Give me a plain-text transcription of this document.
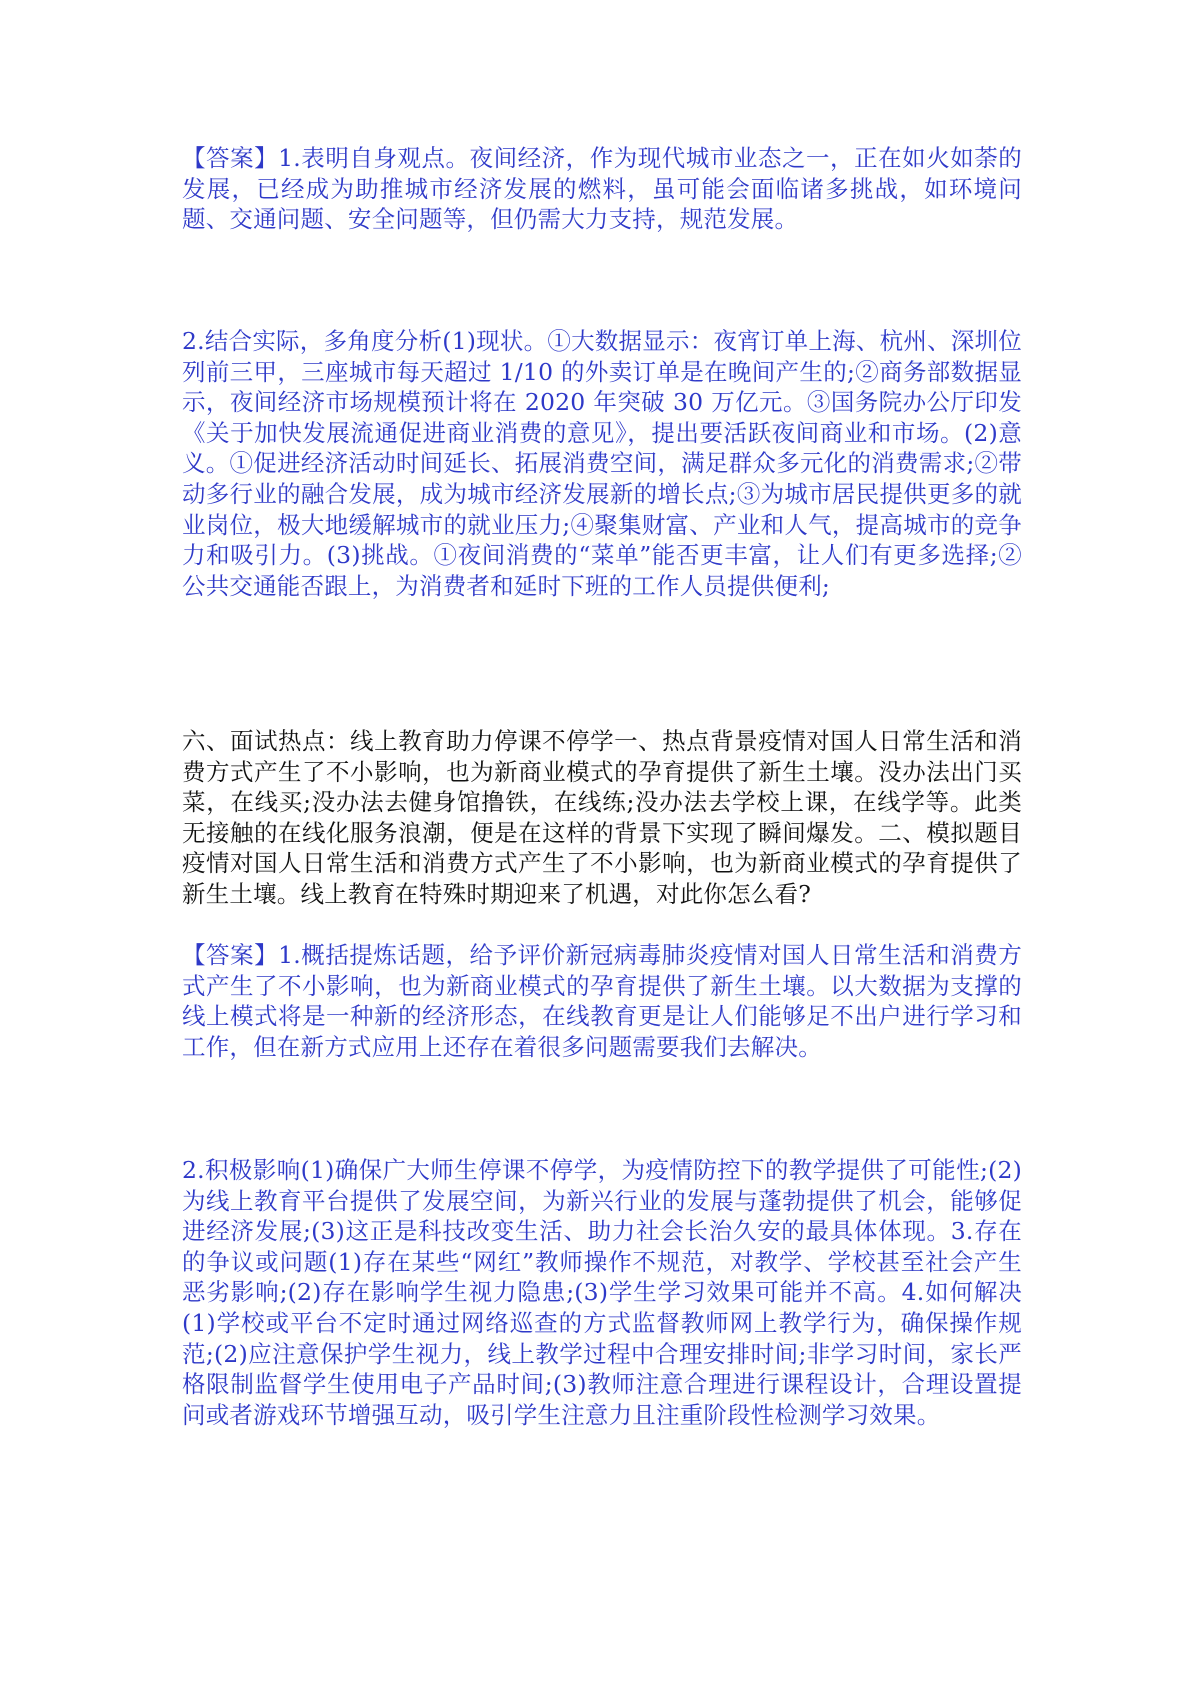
【答案】1.表明自身观点。夜间经济，作为现代城市业态之一，正在如火如荼的发展，已经成为助推城市经济发展的燃料，虽可能会面临诸多挑战，如环境问题、交通问题、安全问题等，但仍需大力支持，规范发展。

2.结合实际，多角度分析(1)现状。①大数据显示：夜宵订单上海、杭州、深圳位列前三甲，三座城市每天超过 1/10 的外卖订单是在晚间产生的;②商务部数据显示，夜间经济市场规模预计将在 2020 年突破 30 万亿元。③国务院办公厅印发《关于加快发展流通促进商业消费的意见》，提出要活跃夜间商业和市场。(2)意义。①促进经济活动时间延长、拓展消费空间，满足群众多元化的消费需求;②带动多行业的融合发展，成为城市经济发展新的增长点;③为城市居民提供更多的就业岗位，极大地缓解城市的就业压力;④聚集财富、产业和人气，提高城市的竞争力和吸引力。(3)挑战。①夜间消费的“菜单”能否更丰富，让人们有更多选择;②公共交通能否跟上，为消费者和延时下班的工作人员提供便利;

六、面试热点：线上教育助力停课不停学一、热点背景疫情对国人日常生活和消费方式产生了不小影响，也为新商业模式的孕育提供了新生土壤。没办法出门买菜，在线买;没办法去健身馆撸铁，在线练;没办法去学校上课，在线学等。此类无接触的在线化服务浪潮，便是在这样的背景下实现了瞬间爆发。二、模拟题目疫情对国人日常生活和消费方式产生了不小影响，也为新商业模式的孕育提供了新生土壤。线上教育在特殊时期迎来了机遇，对此你怎么看?

【答案】1.概括提炼话题，给予评价新冠病毒肺炎疫情对国人日常生活和消费方式产生了不小影响，也为新商业模式的孕育提供了新生土壤。以大数据为支撑的线上模式将是一种新的经济形态，在线教育更是让人们能够足不出户进行学习和工作，但在新方式应用上还存在着很多问题需要我们去解决。

2.积极影响(1)确保广大师生停课不停学，为疫情防控下的教学提供了可能性;(2)为线上教育平台提供了发展空间，为新兴行业的发展与蓬勃提供了机会，能够促进经济发展;(3)这正是科技改变生活、助力社会长治久安的最具体体现。3.存在的争议或问题(1)存在某些“网红”教师操作不规范，对教学、学校甚至社会产生恶劣影响;(2)存在影响学生视力隐患;(3)学生学习效果可能并不高。4.如何解决(1)学校或平台不定时通过网络巡查的方式监督教师网上教学行为，确保操作规范;(2)应注意保护学生视力，线上教学过程中合理安排时间;非学习时间，家长严格限制监督学生使用电子产品时间;(3)教师注意合理进行课程设计，合理设置提问或者游戏环节增强互动，吸引学生注意力且注重阶段性检测学习效果。
